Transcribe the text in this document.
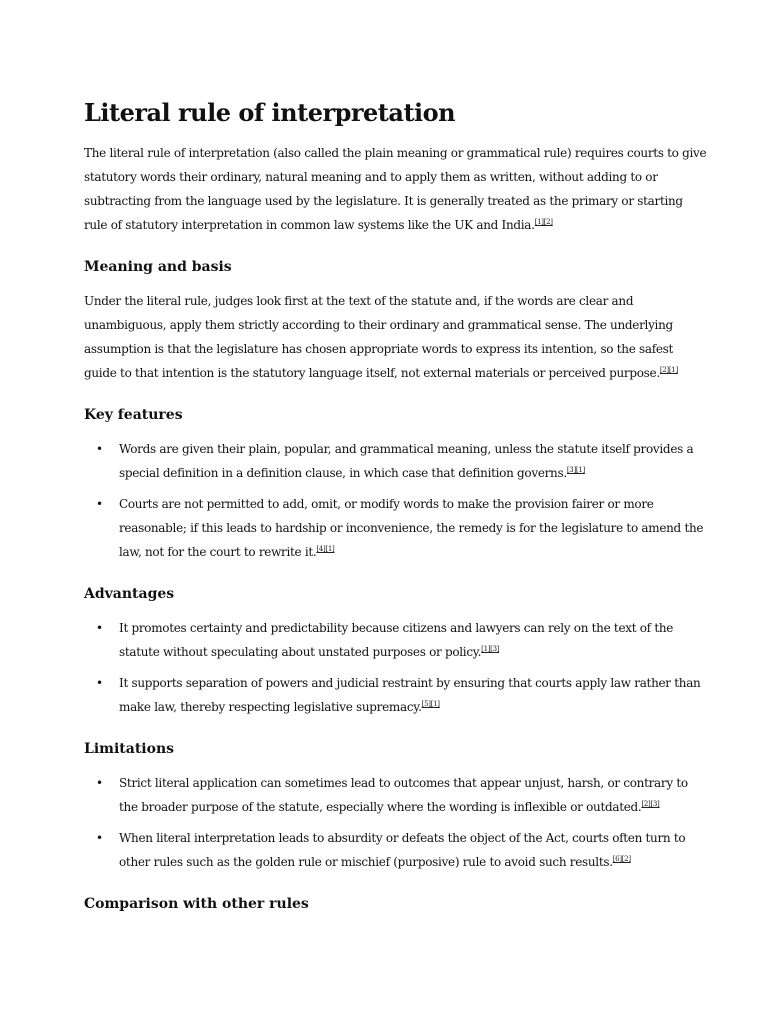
Literal rule of interpretation

The literal rule of interpretation (also called the plain meaning or grammatical rule) requires courts to give statutory words their ordinary, natural meaning and to apply them as written, without adding to or subtracting from the language used by the legislature. It is generally treated as the primary or starting rule of statutory interpretation in common law systems like the UK and India.[1][2]

Meaning and basis

Under the literal rule, judges look first at the text of the statute and, if the words are clear and unambiguous, apply them strictly according to their ordinary and grammatical sense. The underlying assumption is that the legislature has chosen appropriate words to express its intention, so the safest guide to that intention is the statutory language itself, not external materials or perceived purpose.[2][1]

Key features
• Words are given their plain, popular, and grammatical meaning, unless the statute itself provides a special definition in a definition clause, in which case that definition governs.[3][1]
• Courts are not permitted to add, omit, or modify words to make the provision fairer or more reasonable; if this leads to hardship or inconvenience, the remedy is for the legislature to amend the law, not for the court to rewrite it.[4][1]
Advantages
• It promotes certainty and predictability because citizens and lawyers can rely on the text of the statute without speculating about unstated purposes or policy.[1][3]
• It supports separation of powers and judicial restraint by ensuring that courts apply law rather than make law, thereby respecting legislative supremacy.[5][1]
Limitations
• Strict literal application can sometimes lead to outcomes that appear unjust, harsh, or contrary to the broader purpose of the statute, especially where the wording is inflexible or outdated.[2][3]
• When literal interpretation leads to absurdity or defeats the object of the Act, courts often turn to other rules such as the golden rule or mischief (purposive) rule to avoid such results.[6][2]
Comparison with other rules
